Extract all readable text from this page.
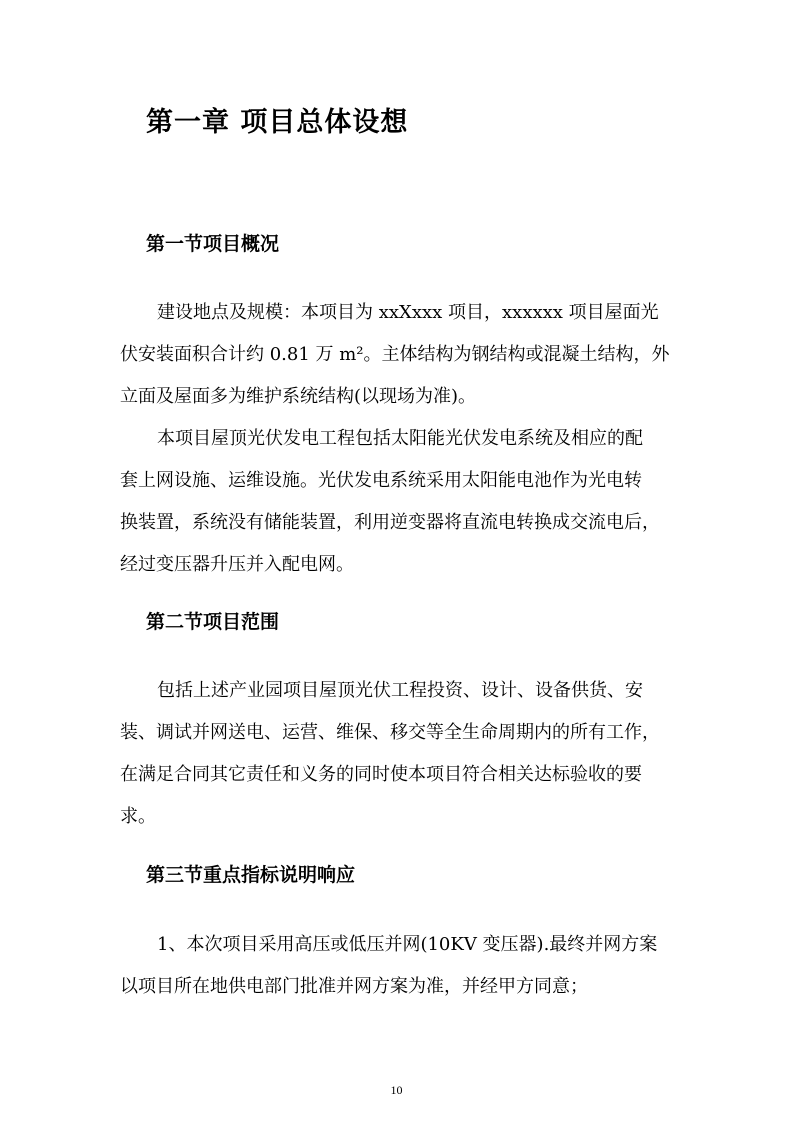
第一章 项目总体设想
第一节项目概况
建设地点及规模：本项目为 xxXxxx 项目，xxxxxx 项目屋面光
伏安装面积合计约 0.81 万 m²。主体结构为钢结构或混凝土结构，外
立面及屋面多为维护系统结构(以现场为准)。
本项目屋顶光伏发电工程包括太阳能光伏发电系统及相应的配
套上网设施、运维设施。光伏发电系统采用太阳能电池作为光电转
换装置，系统没有储能装置，利用逆变器将直流电转换成交流电后，
经过变压器升压并入配电网。
第二节项目范围
包括上述产业园项目屋顶光伏工程投资、设计、设备供货、安
装、调试并网送电、运营、维保、移交等全生命周期内的所有工作，
在满足合同其它责任和义务的同时使本项目符合相关达标验收的要
求。
第三节重点指标说明响应
1、本次项目采用高压或低压并网(10KV 变压器).最终并网方案
以项目所在地供电部门批准并网方案为准，并经甲方同意；
10
